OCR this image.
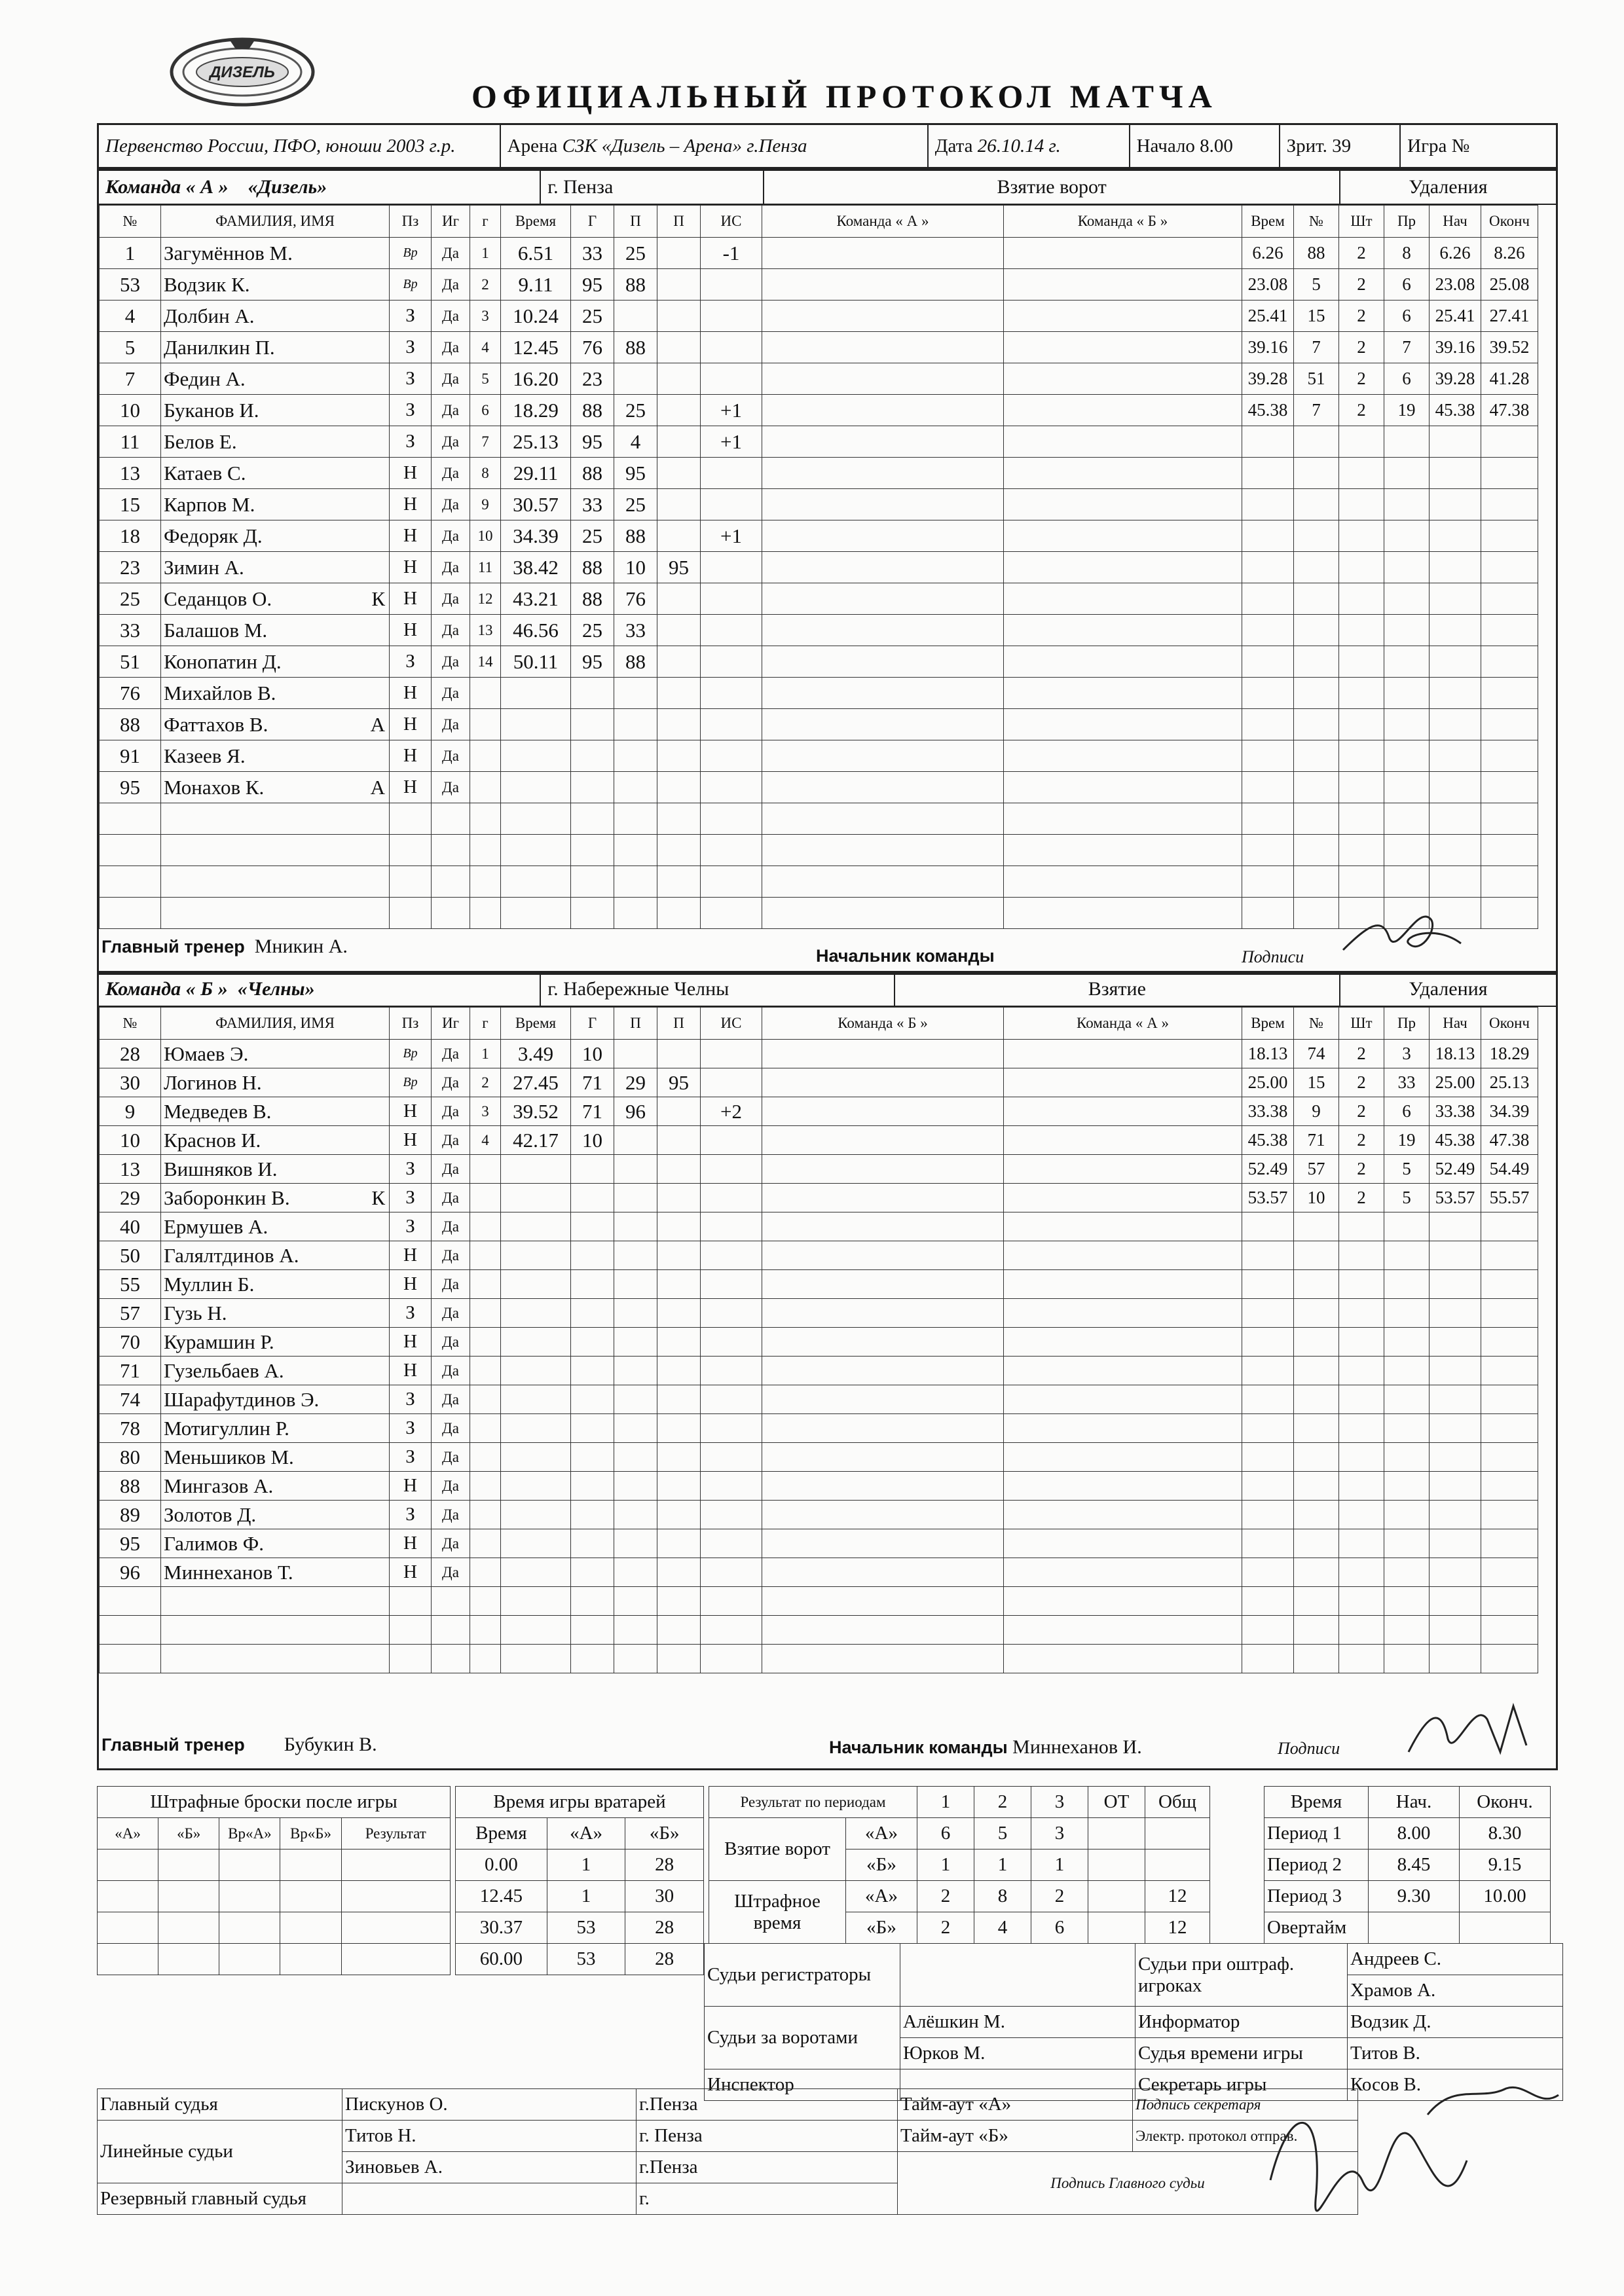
ДИЗЕЛЬ
ОФИЦИАЛЬНЫЙ ПРОТОКОЛ МАТЧА
Первенство России, ПФО, юноши 2003 г.р.	Арена
СЗК «Дизель – Арена» г.Пенза	Дата
26.10.14 г.	Начало
8.00	Зрит.
39	Игра №
Команда « А »
«Дизель»	г. Пенза	Взятие ворот	Удаления
№	ФАМИЛИЯ, ИМЯ	Пз	Иг	г	Время	Г	П	П	ИС	Команда « А »	Команда « Б »	Врем	№	Шт	Пр	Нач	Оконч
1	Загумённов М.	Вр	Да	1	6.51	33	25		-1			6.26	88	2	8	6.26	8.26
53	Водзик К.	Вр	Да	2	9.11	95	88					23.08	5	2	6	23.08	25.08
4	Долбин А.	З	Да	3	10.24	25						25.41	15	2	6	25.41	27.41
5	Данилкин П.	З	Да	4	12.45	76	88					39.16	7	2	7	39.16	39.52
7	Федин А.	З	Да	5	16.20	23						39.28	51	2	6	39.28	41.28
10	Буканов И.	З	Да	6	18.29	88	25		+1			45.38	7	2	19	45.38	47.38
11	Белов Е.	З	Да	7	25.13	95	4		+1								
13	Катаев С.	Н	Да	8	29.11	88	95										
15	Карпов М.	Н	Да	9	30.57	33	25										
18	Федоряк Д.	Н	Да	10	34.39	25	88		+1								
23	Зимин А.	Н	Да	11	38.42	88	10	95									
25	Седанцов О. К	Н	Да	12	43.21	88	76										
33	Балашов М.	Н	Да	13	46.56	25	33										
51	Конопатин Д.	З	Да	14	50.11	95	88										
76	Михайлов В.	Н	Да														
88	Фаттахов В. А	Н	Да														
91	Казеев Я.	Н	Да														
95	Монахов К. А	Н	Да														

Главный тренер Мникин А.	Начальник команды	Подписи
Команда « Б »
«Челны»	г. Набережные Челны	Взятие	Удаления
№	ФАМИЛИЯ, ИМЯ	Пз	Иг	г	Время	Г	П	П	ИС	Команда « Б »	Команда « А »	Врем	№	Шт	Пр	Нач	Оконч
28	Юмаев Э.	Вр	Да	1	3.49	10						18.13	74	2	3	18.13	18.29
30	Логинов Н.	Вр	Да	2	27.45	71	29	95				25.00	15	2	33	25.00	25.13
9	Медведев В.	Н	Да	3	39.52	71	96		+2			33.38	9	2	6	33.38	34.39
10	Краснов И.	Н	Да	4	42.17	10						45.38	71	2	19	45.38	47.38
13	Вишняков И.	З	Да									52.49	57	2	5	52.49	54.49
29	Заборонкин В. К	З	Да									53.57	10	2	5	53.57	55.57
40	Ермушев А.	З	Да														
50	Галялтдинов А.	Н	Да														
55	Муллин Б.	Н	Да														
57	Гузь Н.	З	Да														
70	Курамшин Р.	Н	Да														
71	Гузельбаев А.	Н	Да														
74	Шарафутдинов Э.	З	Да														
78	Мотигуллин Р.	З	Да														
80	Меньшиков М.	З	Да														
88	Мингазов А.	Н	Да														
89	Золотов Д.	З	Да														
95	Галимов Ф.	Н	Да														
96	Миннеханов Т.	Н	Да														

Главный тренер Бубукин В.	Начальник команды Миннеханов И.	Подписи
Штрафные броски после игры				
«А»	«Б»	Вр«А»	Вр«Б»	Результат

Время игры вратарей		
Время	«А»	«Б»
0.00	1	28
12.45	1	30
30.37	53	28
60.00	53	28
Результат по периодам		1	2	3	ОТ	Общ
Взятие ворот	«А»	6	5	3		
	«Б»	1	1	1		
Штрафное время	«А»	2	8	2		12
	«Б»	2	4	6		12
Время	Нач.	Оконч.
Период 1	8.00	8.30
Период 2	8.45	9.15
Период 3	9.30	10.00
Овертайм		
Судьи регистраторы		Судьи при оштраф. игроках	Андреев С.
			Храмов А.
Судьи за воротами	Алёшкин М.	Информатор	Водзик Д.
	Юрков М.	Судья времени игры	Титов В.
Инспектор		Секретарь игры	Косов В.
Главный судья	Пискунов О.	г.Пенза	Тайм-аут «А»	Подпись секретаря
Линейные судьи	Титов Н.	г. Пенза	Тайм-аут «Б»	Электр. протокол отправ.
	Зиновьев А.	г.Пенза	Подпись Главного судьи	
Резервный главный судья		г.		
